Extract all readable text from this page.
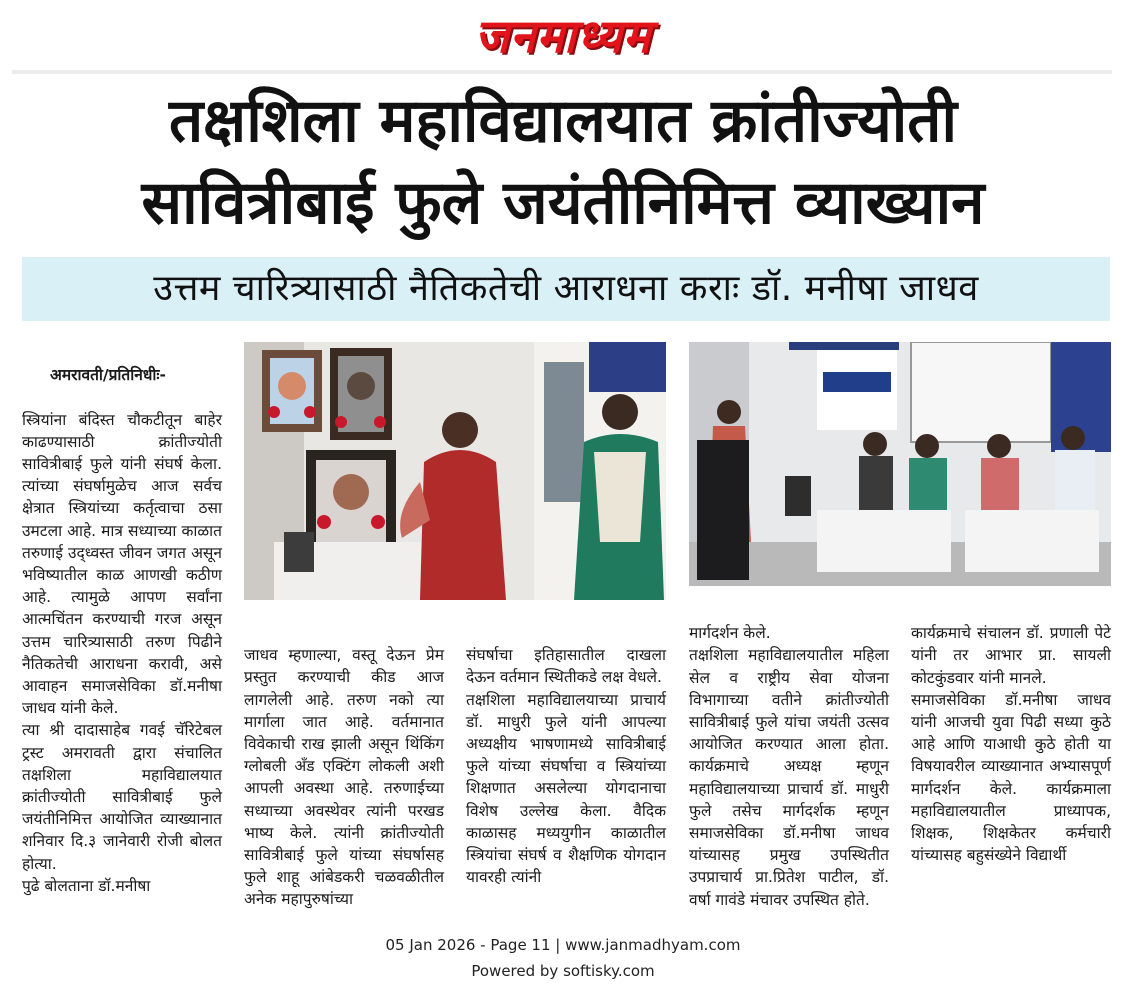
जनमाध्यम
तक्षशिला महाविद्यालयात क्रांतीज्योती
सावित्रीबाई फुले जयंतीनिमित्त व्याख्यान
उत्तम चारित्र्यासाठी नैतिकतेची आराधना कराः डॉ. मनीषा जाधव

अमरावती/प्रतिनिधीः-

स्त्रियांना बंदिस्त चौकटीतून बाहेर काढण्यासाठी क्रांतीज्योती सावित्रीबाई फुले यांनी संघर्ष केला. त्यांच्या संघर्षामुळेच आज सर्वच क्षेत्रात स्त्रियांच्या कर्तृत्वाचा ठसा उमटला आहे. मात्र सध्याच्या काळात तरुणाई उद्ध्वस्त जीवन जगत असून भविष्यातील काळ आणखी कठीण आहे. त्यामुळे आपण सर्वांना आत्मचिंतन करण्याची गरज असून उत्तम चारित्र्यासाठी तरुण पिढीने नैतिकतेची आराधना करावी, असे आवाहन समाजसेविका डॉ.मनीषा जाधव यांनी केले.
त्या श्री दादासाहेब गवई चॅरिटेबल ट्रस्ट अमरावती द्वारा संचालित तक्षशिला महाविद्यालयात क्रांतीज्योती सावित्रीबाई फुले जयंतीनिमित्त आयोजित व्याख्यानात शनिवार दि.३ जानेवारी रोजी बोलत होत्या.
पुढे बोलताना डॉ.मनीषा

जाधव म्हणाल्या, वस्तू देऊन प्रेम प्रस्तुत करण्याची कीड आज लागलेली आहे. तरुण नको त्या मार्गाला जात आहे. वर्तमानात विवेकाची राख झाली असून थिंकिंग ग्लोबली अँड एक्टिंग लोकली अशी आपली अवस्था आहे. तरुणाईच्या सध्याच्या अवस्थेवर त्यांनी परखड भाष्य केले. त्यांनी क्रांतीज्योती सावित्रीबाई फुले यांच्या संघर्षासह फुले शाहू आंबेडकरी चळवळीतील अनेक महापुरुषांच्या

संघर्षाचा इतिहासातील दाखला देऊन वर्तमान स्थितीकडे लक्ष वेधले.
तक्षशिला महाविद्यालयाच्या प्राचार्य डॉ. माधुरी फुले यांनी आपल्या अध्यक्षीय भाषणामध्ये सावित्रीबाई फुले यांच्या संघर्षाचा व स्त्रियांच्या शिक्षणात असलेल्या योगदानाचा विशेष उल्लेख केला. वैदिक काळासह मध्ययुगीन काळातील स्त्रियांचा संघर्ष व शैक्षणिक योगदान यावरही त्यांनी

मार्गदर्शन केले.
तक्षशिला महाविद्यालयातील महिला सेल व राष्ट्रीय सेवा योजना विभागाच्या वतीने क्रांतीज्योती सावित्रीबाई फुले यांचा जयंती उत्सव आयोजित करण्यात आला होता. कार्यक्रमाचे अध्यक्ष म्हणून महाविद्यालयाच्या प्राचार्य डॉ. माधुरी फुले तसेच मार्गदर्शक म्हणून समाजसेविका डॉ.मनीषा जाधव यांच्यासह प्रमुख उपस्थितीत उपप्राचार्य प्रा.प्रितेश पाटील, डॉ. वर्षा गावंडे मंचावर उपस्थित होते.

कार्यक्रमाचे संचालन डॉ. प्रणाली पेटे यांनी तर आभार प्रा. सायली कोटकुंडवार यांनी मानले.
समाजसेविका डॉ.मनीषा जाधव यांनी आजची युवा पिढी सध्या कुठे आहे आणि याआधी कुठे होती या विषयावरील व्याख्यानात अभ्यासपूर्ण मार्गदर्शन केले. कार्यक्रमाला महाविद्यालयातील प्राध्यापक, शिक्षक, शिक्षकेतर कर्मचारी यांच्यासह बहुसंख्येने विद्यार्थी

05 Jan 2026 - Page 11 | www.janmadhyam.com
Powered by softisky.com
